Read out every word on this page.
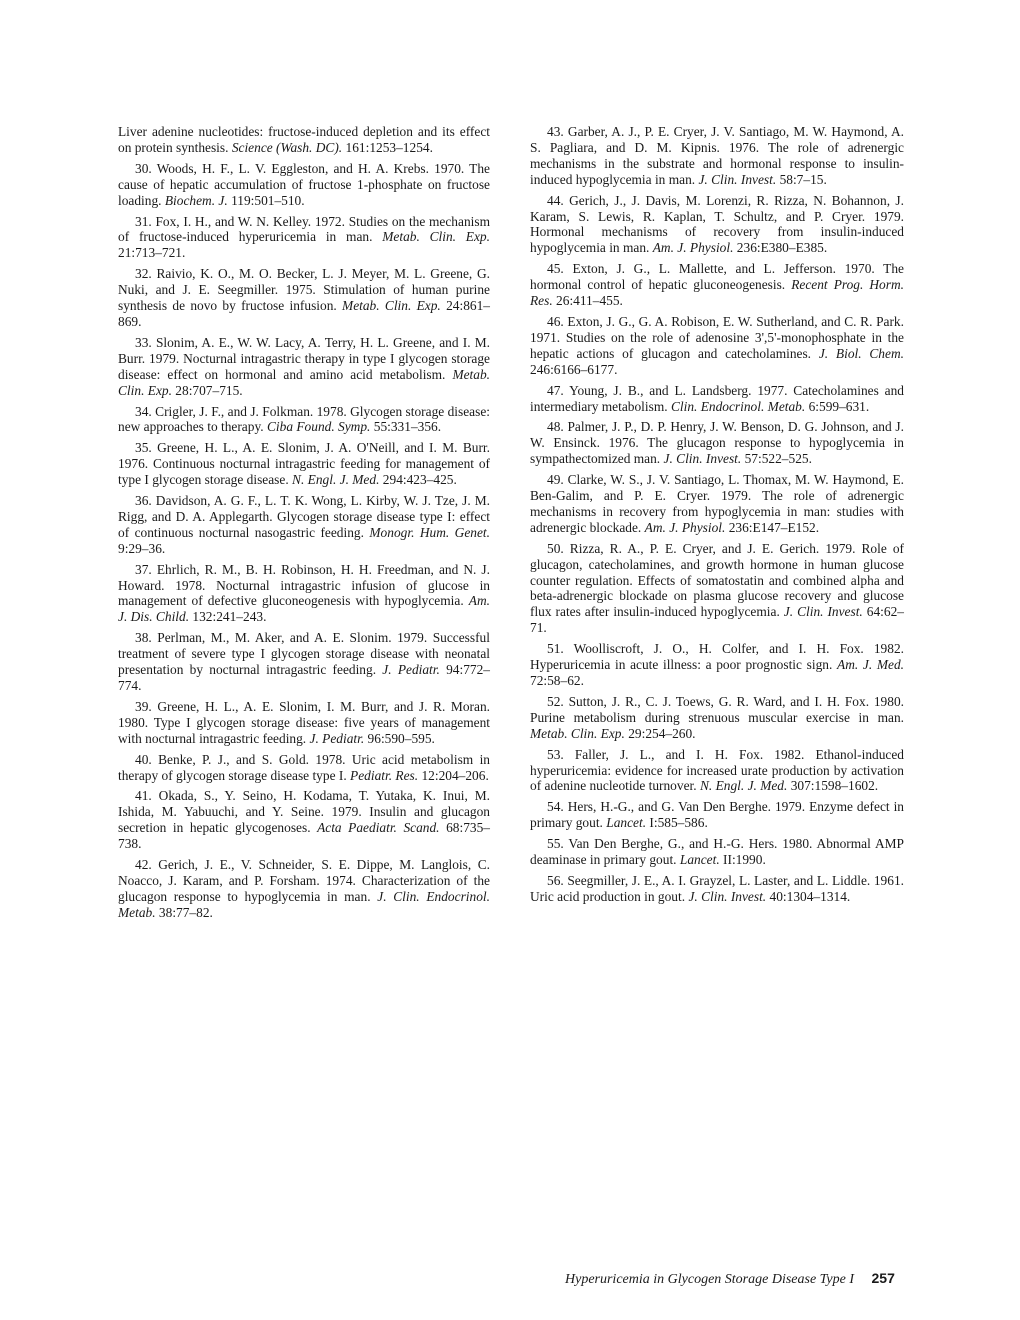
Liver adenine nucleotides: fructose-induced depletion and its effect on protein synthesis. Science (Wash. DC). 161:1253–1254.

30. Woods, H. F., L. V. Eggleston, and H. A. Krebs. 1970. The cause of hepatic accumulation of fructose 1-phosphate on fructose loading. Biochem. J. 119:501–510.

31. Fox, I. H., and W. N. Kelley. 1972. Studies on the mechanism of fructose-induced hyperuricemia in man. Metab. Clin. Exp. 21:713–721.

32. Raivio, K. O., M. O. Becker, L. J. Meyer, M. L. Greene, G. Nuki, and J. E. Seegmiller. 1975. Stimulation of human purine synthesis de novo by fructose infusion. Metab. Clin. Exp. 24:861–869.

33. Slonim, A. E., W. W. Lacy, A. Terry, H. L. Greene, and I. M. Burr. 1979. Nocturnal intragastric therapy in type I glycogen storage disease: effect on hormonal and amino acid metabolism. Metab. Clin. Exp. 28:707–715.

34. Crigler, J. F., and J. Folkman. 1978. Glycogen storage disease: new approaches to therapy. Ciba Found. Symp. 55:331–356.

35. Greene, H. L., A. E. Slonim, J. A. O'Neill, and I. M. Burr. 1976. Continuous nocturnal intragastric feeding for management of type I glycogen storage disease. N. Engl. J. Med. 294:423–425.

36. Davidson, A. G. F., L. T. K. Wong, L. Kirby, W. J. Tze, J. M. Rigg, and D. A. Applegarth. Glycogen storage disease type I: effect of continuous nocturnal nasogastric feeding. Monogr. Hum. Genet. 9:29–36.

37. Ehrlich, R. M., B. H. Robinson, H. H. Freedman, and N. J. Howard. 1978. Nocturnal intragastric infusion of glucose in management of defective gluconeogenesis with hypoglycemia. Am. J. Dis. Child. 132:241–243.

38. Perlman, M., M. Aker, and A. E. Slonim. 1979. Successful treatment of severe type I glycogen storage disease with neonatal presentation by nocturnal intragastric feeding. J. Pediatr. 94:772–774.

39. Greene, H. L., A. E. Slonim, I. M. Burr, and J. R. Moran. 1980. Type I glycogen storage disease: five years of management with nocturnal intragastric feeding. J. Pediatr. 96:590–595.

40. Benke, P. J., and S. Gold. 1978. Uric acid metabolism in therapy of glycogen storage disease type I. Pediatr. Res. 12:204–206.

41. Okada, S., Y. Seino, H. Kodama, T. Yutaka, K. Inui, M. Ishida, M. Yabuuchi, and Y. Seine. 1979. Insulin and glucagon secretion in hepatic glycogenoses. Acta Paediatr. Scand. 68:735–738.

42. Gerich, J. E., V. Schneider, S. E. Dippe, M. Langlois, C. Noacco, J. Karam, and P. Forsham. 1974. Characterization of the glucagon response to hypoglycemia in man. J. Clin. Endocrinol. Metab. 38:77–82.

43. Garber, A. J., P. E. Cryer, J. V. Santiago, M. W. Haymond, A. S. Pagliara, and D. M. Kipnis. 1976. The role of adrenergic mechanisms in the substrate and hormonal response to insulin-induced hypoglycemia in man. J. Clin. Invest. 58:7–15.

44. Gerich, J., J. Davis, M. Lorenzi, R. Rizza, N. Bohannon, J. Karam, S. Lewis, R. Kaplan, T. Schultz, and P. Cryer. 1979. Hormonal mechanisms of recovery from insulin-induced hypoglycemia in man. Am. J. Physiol. 236:E380–E385.

45. Exton, J. G., L. Mallette, and L. Jefferson. 1970. The hormonal control of hepatic gluconeogenesis. Recent Prog. Horm. Res. 26:411–455.

46. Exton, J. G., G. A. Robison, E. W. Sutherland, and C. R. Park. 1971. Studies on the role of adenosine 3',5'-monophosphate in the hepatic actions of glucagon and catecholamines. J. Biol. Chem. 246:6166–6177.

47. Young, J. B., and L. Landsberg. 1977. Catecholamines and intermediary metabolism. Clin. Endocrinol. Metab. 6:599–631.

48. Palmer, J. P., D. P. Henry, J. W. Benson, D. G. Johnson, and J. W. Ensinck. 1976. The glucagon response to hypoglycemia in sympathectomized man. J. Clin. Invest. 57:522–525.

49. Clarke, W. S., J. V. Santiago, L. Thomax, M. W. Haymond, E. Ben-Galim, and P. E. Cryer. 1979. The role of adrenergic mechanisms in recovery from hypoglycemia in man: studies with adrenergic blockade. Am. J. Physiol. 236:E147–E152.

50. Rizza, R. A., P. E. Cryer, and J. E. Gerich. 1979. Role of glucagon, catecholamines, and growth hormone in human glucose counter regulation. Effects of somatostatin and combined alpha and beta-adrenergic blockade on plasma glucose recovery and glucose flux rates after insulin-induced hypoglycemia. J. Clin. Invest. 64:62–71.

51. Woolliscroft, J. O., H. Colfer, and I. H. Fox. 1982. Hyperuricemia in acute illness: a poor prognostic sign. Am. J. Med. 72:58–62.

52. Sutton, J. R., C. J. Toews, G. R. Ward, and I. H. Fox. 1980. Purine metabolism during strenuous muscular exercise in man. Metab. Clin. Exp. 29:254–260.

53. Faller, J. L., and I. H. Fox. 1982. Ethanol-induced hyperuricemia: evidence for increased urate production by activation of adenine nucleotide turnover. N. Engl. J. Med. 307:1598–1602.

54. Hers, H.-G., and G. Van Den Berghe. 1979. Enzyme defect in primary gout. Lancet. I:585–586.

55. Van Den Berghe, G., and H.-G. Hers. 1980. Abnormal AMP deaminase in primary gout. Lancet. II:1990.

56. Seegmiller, J. E., A. I. Grayzel, L. Laster, and L. Liddle. 1961. Uric acid production in gout. J. Clin. Invest. 40:1304–1314.

Hyperuricemia in Glycogen Storage Disease Type I 257
